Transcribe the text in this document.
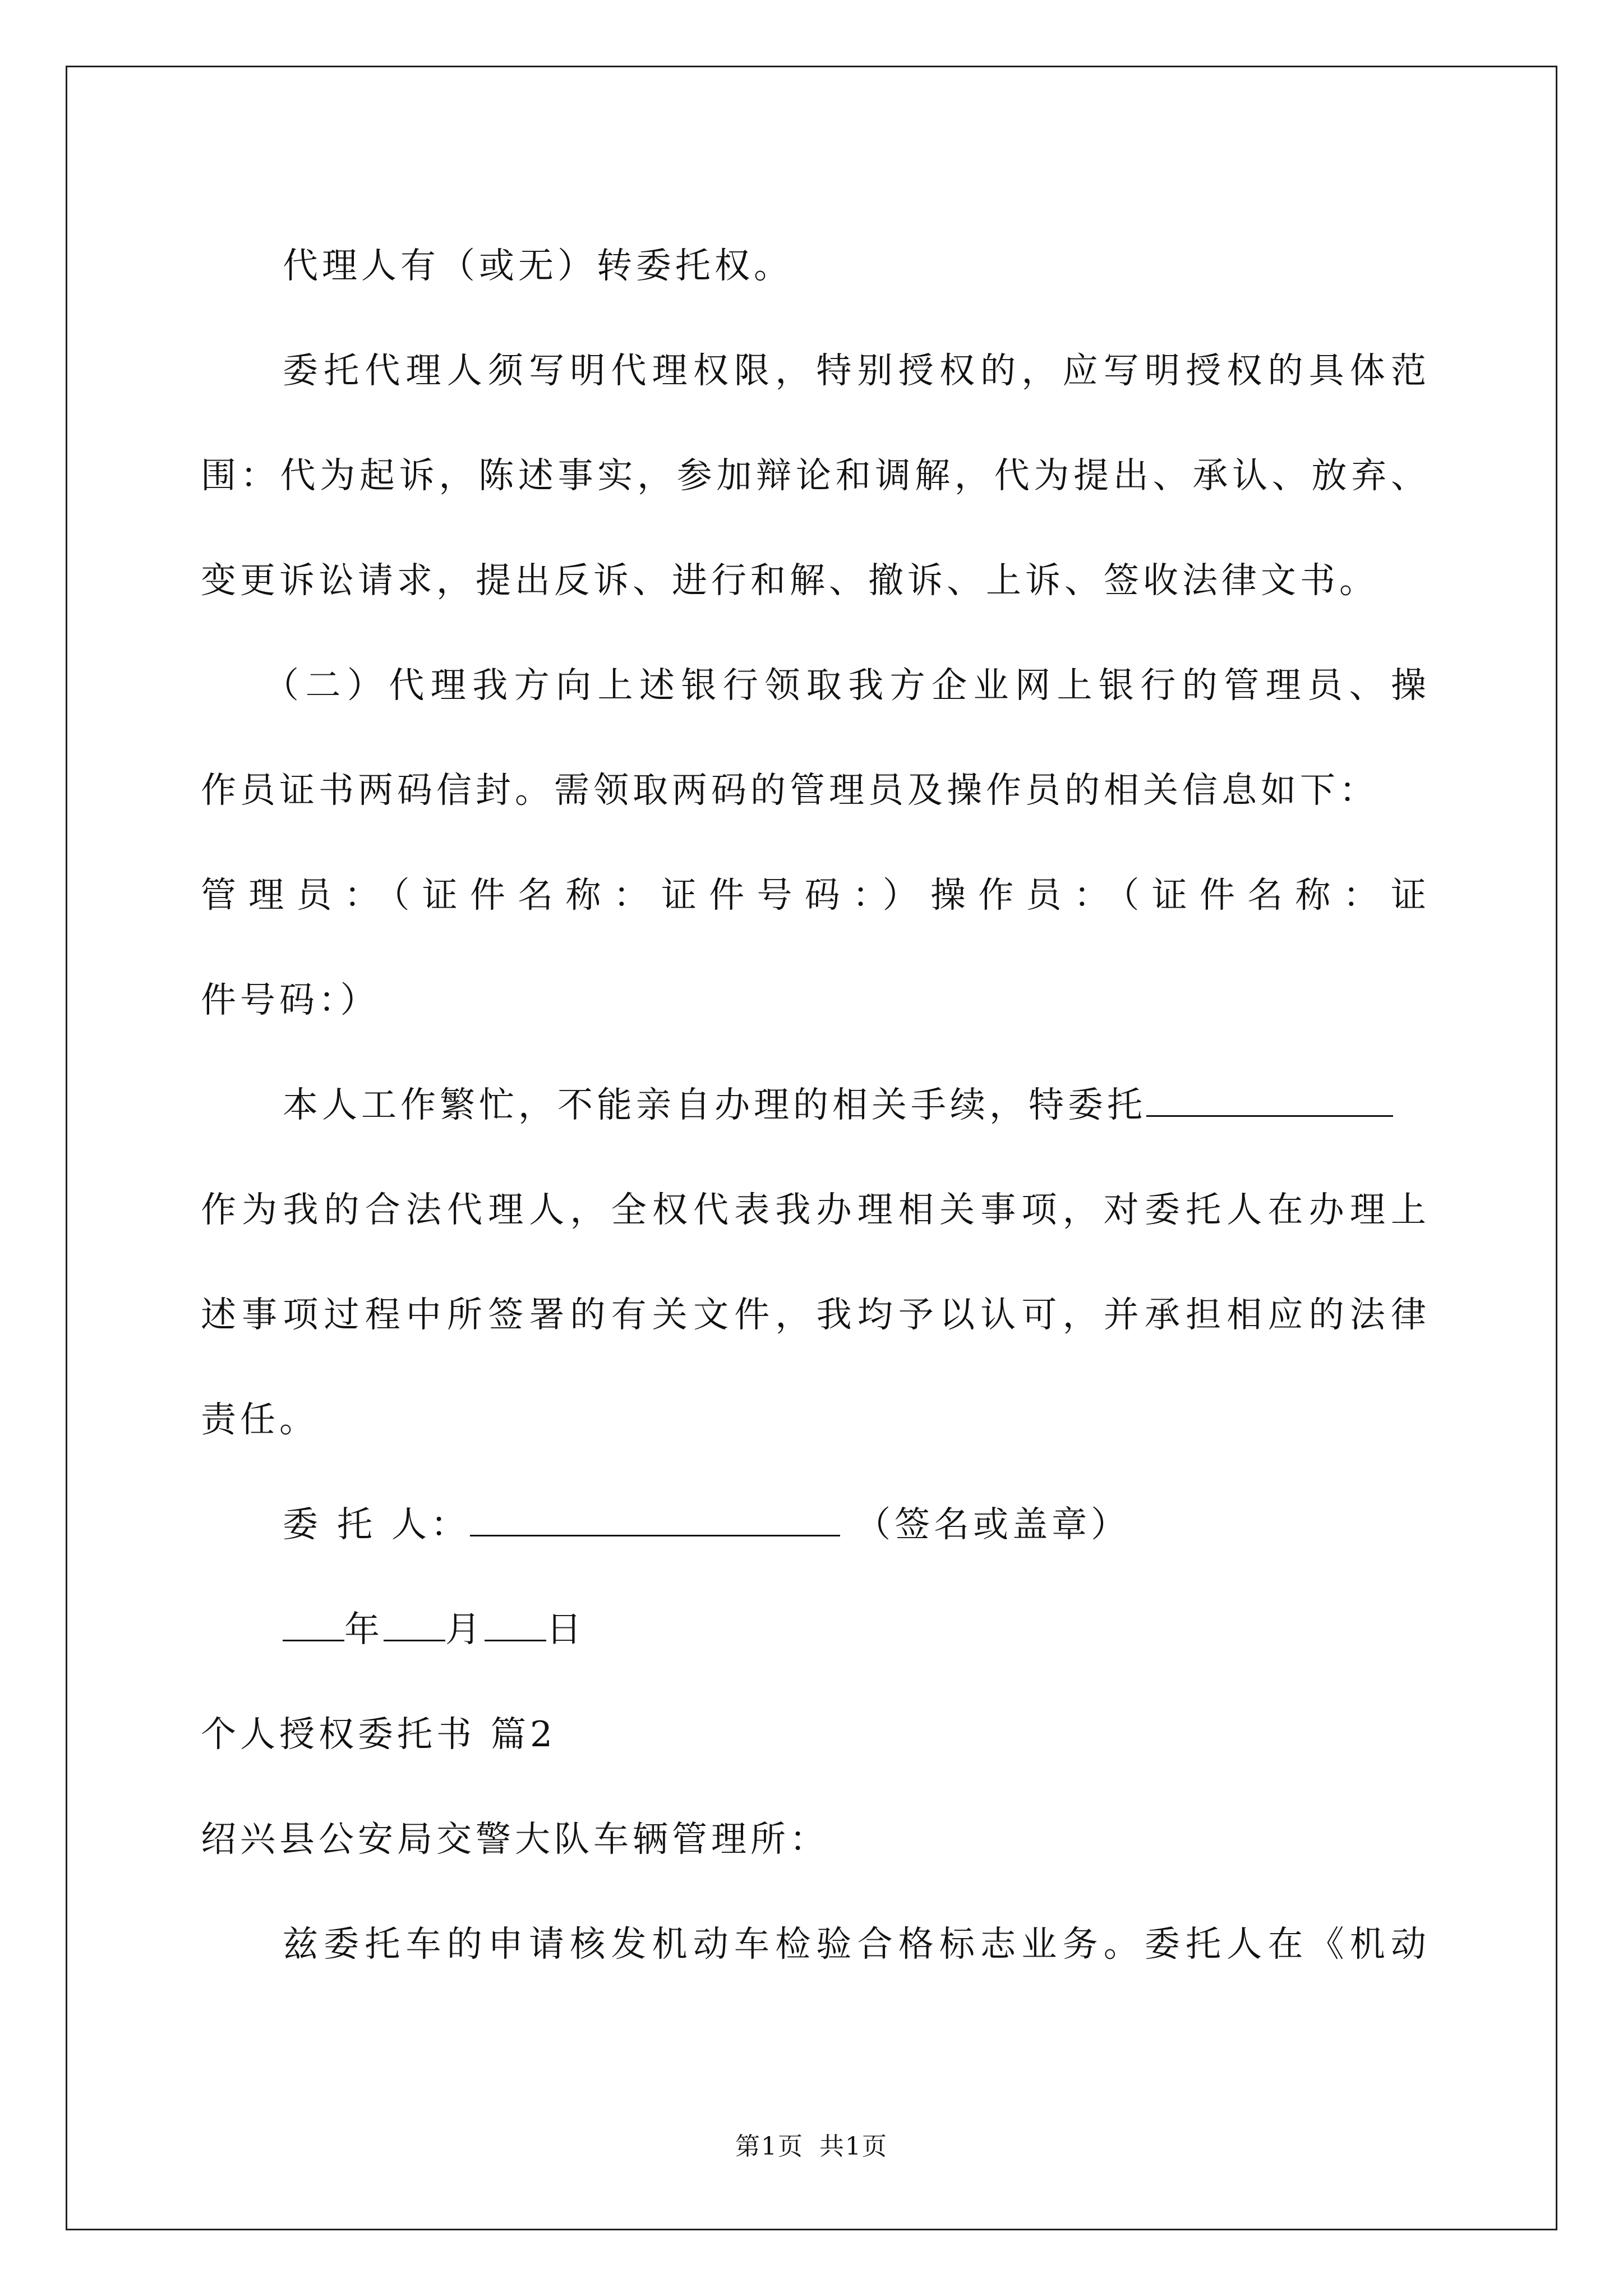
代理人有（或无）转委托权。

委托代理人须写明代理权限，特别授权的，应写明授权的具体范

围：代为起诉，陈述事实，参加辩论和调解，代为提出、承认、放弃、

变更诉讼请求，提出反诉、进行和解、撤诉、上诉、签收法律文书。

（二）代理我方向上述银行领取我方企业网上银行的管理员、操

作员证书两码信封。需领取两码的管理员及操作员的相关信息如下：

管理员：（证件名称：证件号码：）操作员：（证件名称：证

件号码：）

本人工作繁忙，不能亲自办理的相关手续，特委托

作为我的合法代理人，全权代表我办理相关事项，对委托人在办理上

述事项过程中所签署的有关文件，我均予以认可，并承担相应的法律

责任。

委 托 人：	（签名或盖章）

年 月 日

个人授权委托书 篇2

绍兴县公安局交警大队车辆管理所：

兹委托车的申请核发机动车检验合格标志业务。委托人在《机动

第1页 共1页
